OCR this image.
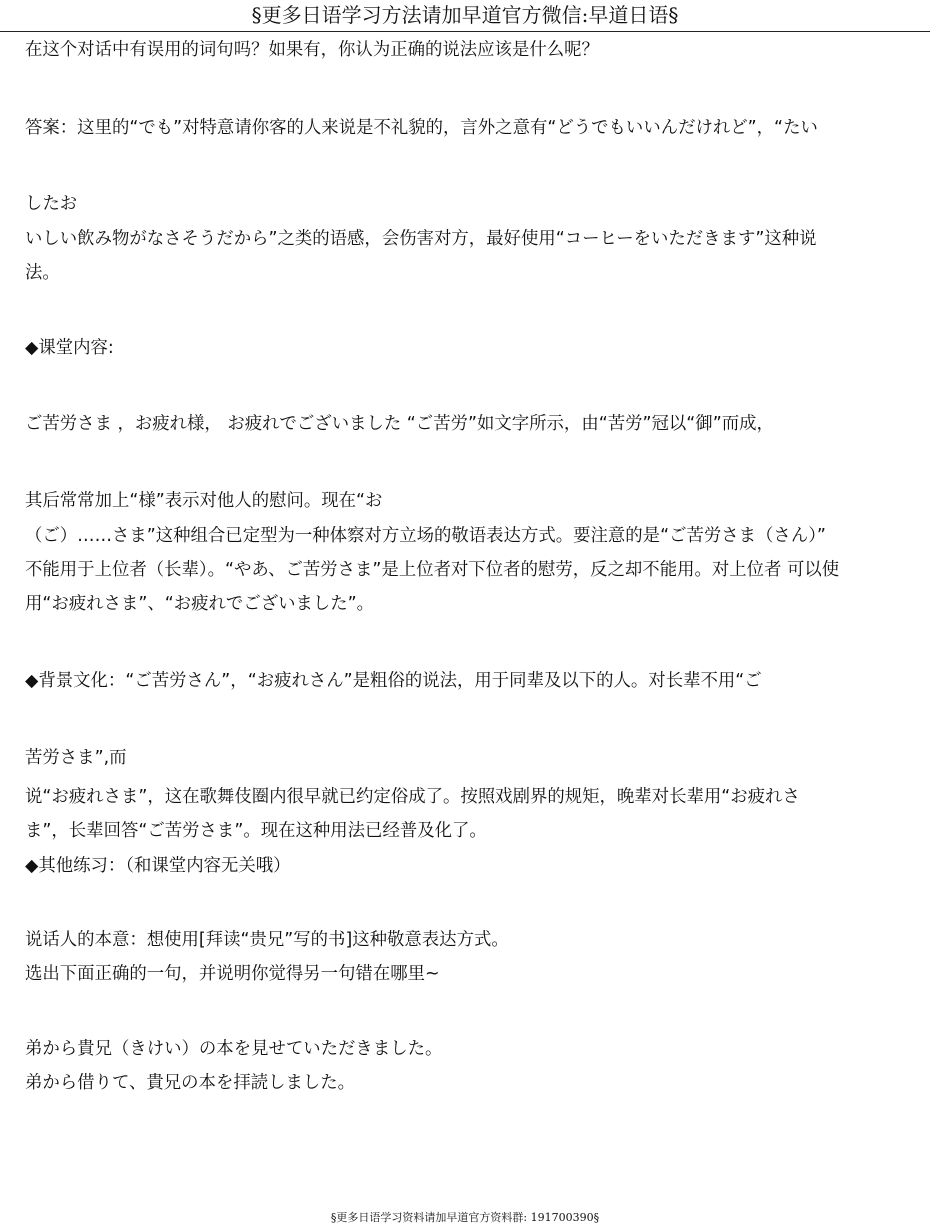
§更多日语学习方法请加早道官方微信:早道日语§
在这个对话中有误用的词句吗？如果有，你认为正确的说法应该是什么呢？
答案：这里的“でも”对特意请你客的人来说是不礼貌的，言外之意有“どうでもいいんだけれど”，“たい
したお
いしい飲み物がなさそうだから”之类的语感，会伤害对方，最好使用“コーヒーをいただきます”这种说
法。
◆课堂内容:
ご苦労さま ，お疲れ様， お疲れでございました “ご苦労”如文字所示，由“苦労”冠以“御”而成，
其后常常加上“様”表示对他人的慰问。现在“お
（ご）……さま”这种组合已定型为一种体察对方立场的敬语表达方式。要注意的是“ご苦労さま（さん）”
不能用于上位者（长辈）。“やあ、ご苦労さま”是上位者对下位者的慰劳，反之却不能用。对上位者 可以使
用“お疲れさま”、“お疲れでございました”。
◆背景文化：“ご苦労さん”，“お疲れさん”是粗俗的说法，用于同辈及以下的人。对长辈不用“ご
苦労さま”,而
说“お疲れさま”，这在歌舞伎圈内很早就已约定俗成了。按照戏剧界的规矩，晚辈对长辈用“お疲れさ
ま”，长辈回答“ご苦労さま”。现在这种用法已经普及化了。
◆其他练习：（和课堂内容无关哦）
说话人的本意：想使用[拜读“贵兄”写的书]这种敬意表达方式。
选出下面正确的一句，并说明你觉得另一句错在哪里~
弟から貴兄（きけい）の本を見せていただきました。
弟から借りて、貴兄の本を拝読しました。
§更多日语学习资料请加早道官方资料群: 191700390§
